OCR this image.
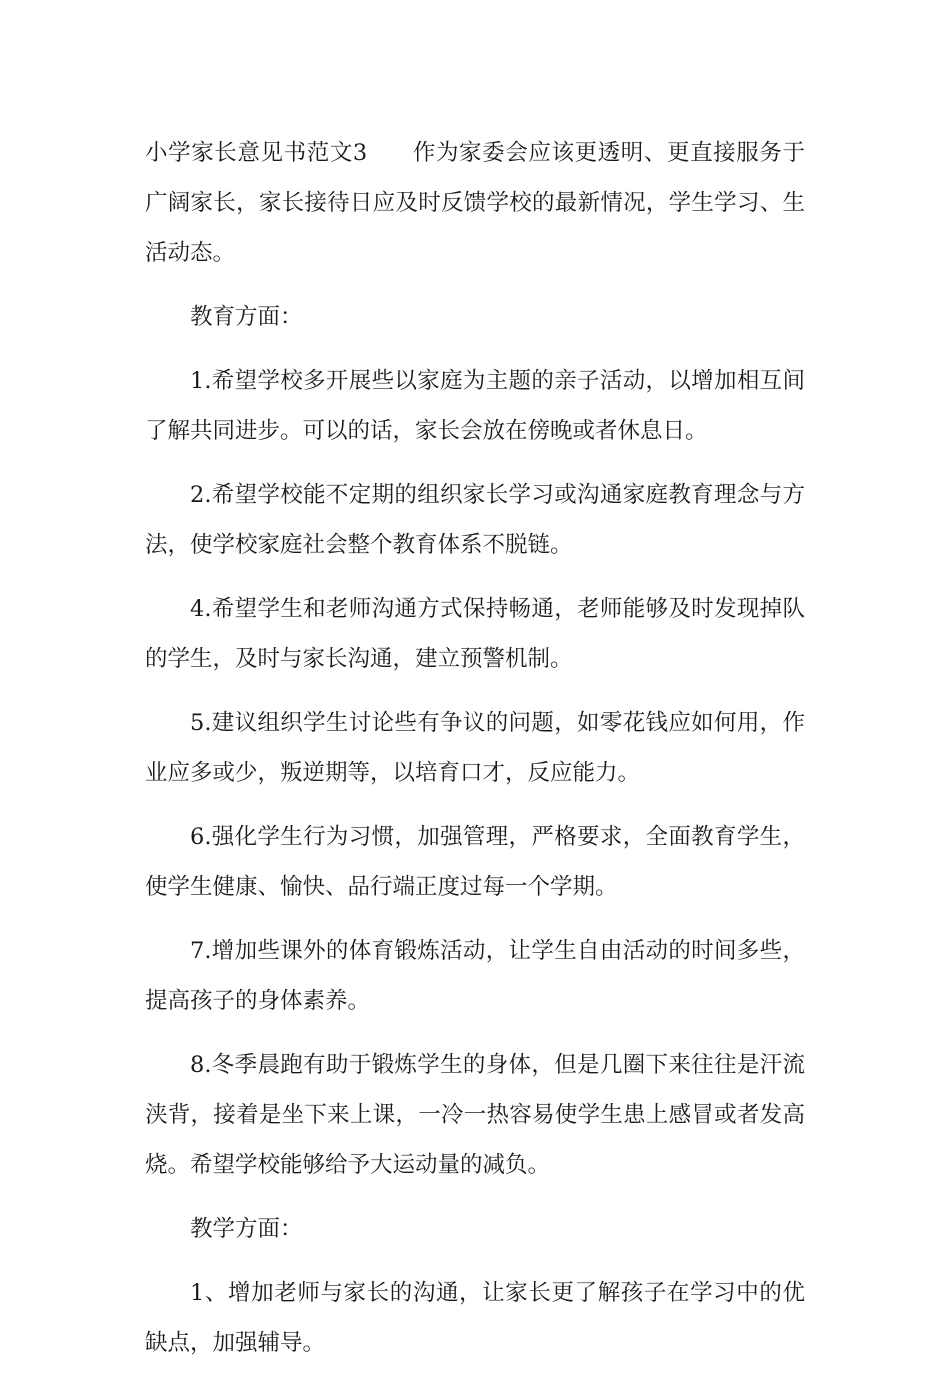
小学家长意见书范文3 作为家委会应该更透明、更直接服务于广阔家长，家长接待日应及时反馈学校的最新情况，学生学习、生活动态。

教育方面：

1.希望学校多开展些以家庭为主题的亲子活动，以增加相互间了解共同进步。可以的话，家长会放在傍晚或者休息日。

2.希望学校能不定期的组织家长学习或沟通家庭教育理念与方法，使学校家庭社会整个教育体系不脱链。

4.希望学生和老师沟通方式保持畅通，老师能够及时发现掉队的学生，及时与家长沟通，建立预警机制。

5.建议组织学生讨论些有争议的问题，如零花钱应如何用，作业应多或少，叛逆期等，以培育口才，反应能力。

6.强化学生行为习惯，加强管理，严格要求，全面教育学生，使学生健康、愉快、品行端正度过每一个学期。

7.增加些课外的体育锻炼活动，让学生自由活动的时间多些，提高孩子的身体素养。

8.冬季晨跑有助于锻炼学生的身体，但是几圈下来往往是汗流浃背，接着是坐下来上课，一冷一热容易使学生患上感冒或者发高烧。希望学校能够给予大运动量的减负。

教学方面：

1、增加老师与家长的沟通，让家长更了解孩子在学习中的优缺点，加强辅导。
